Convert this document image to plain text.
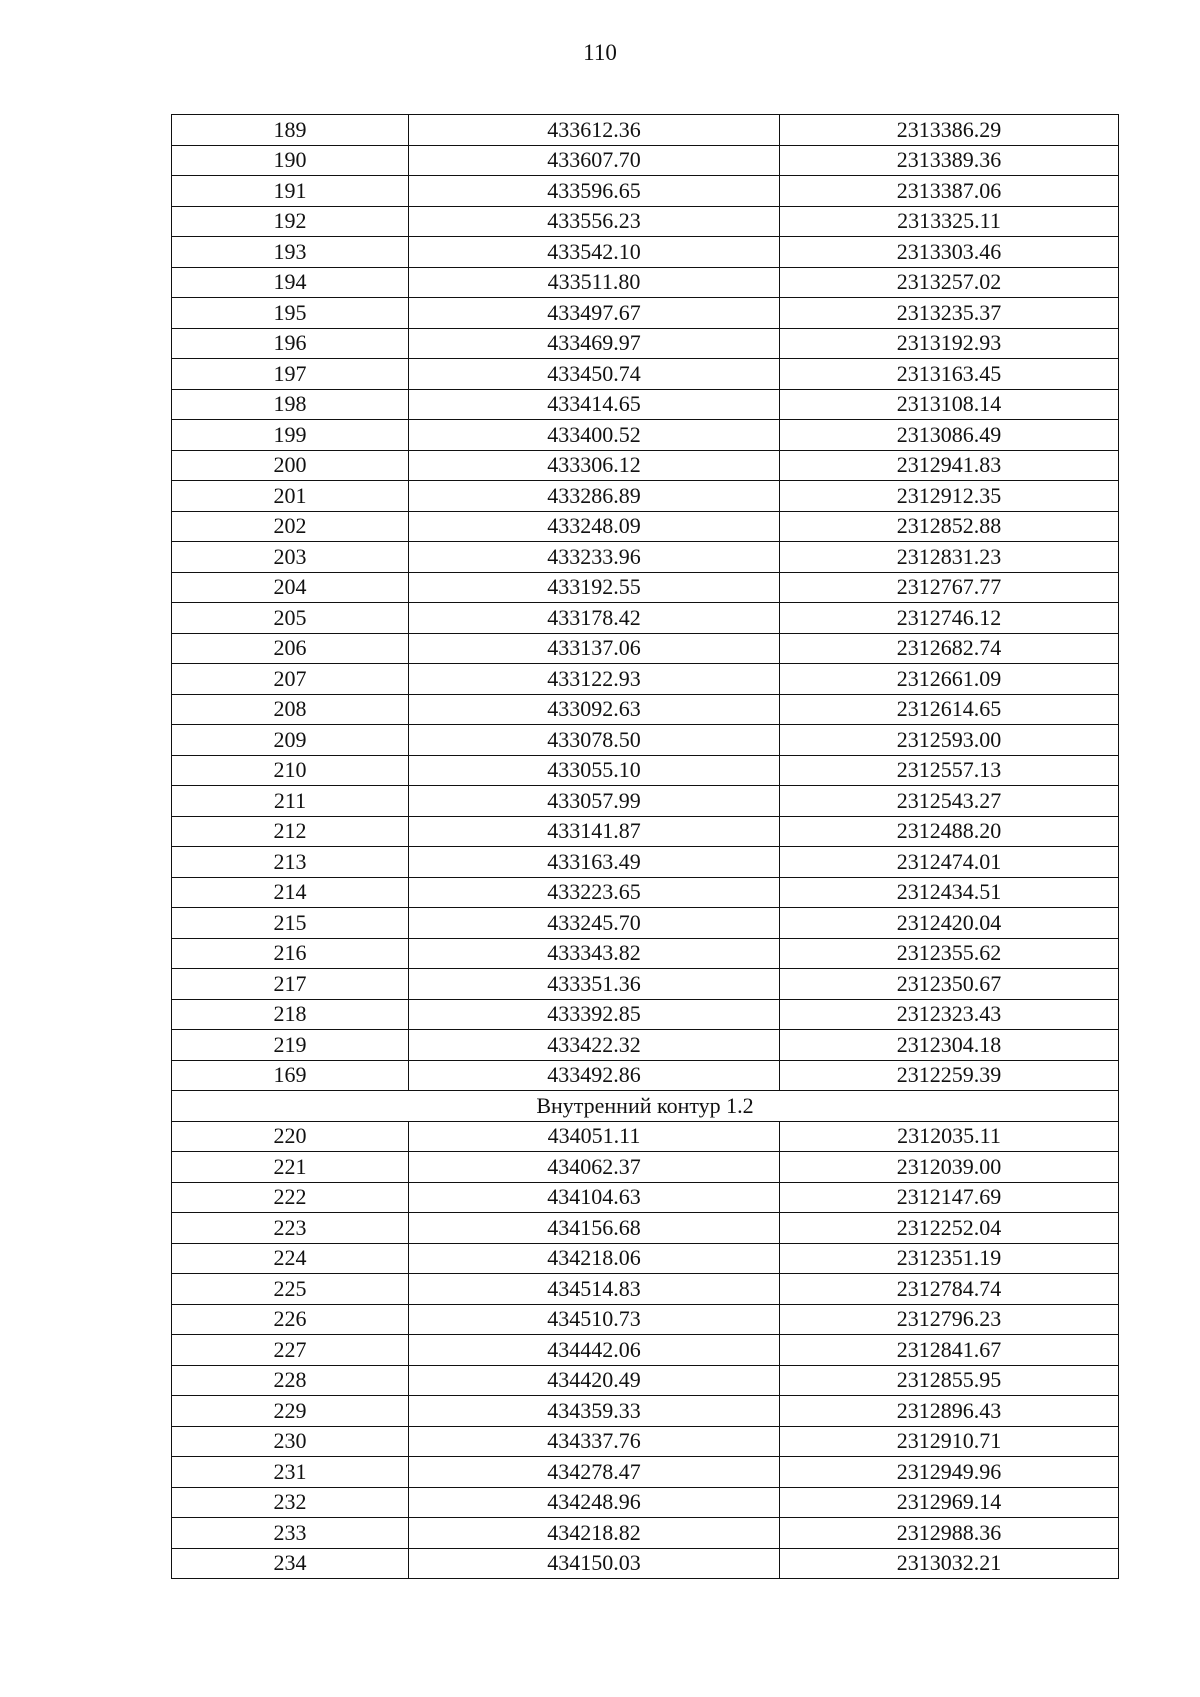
110
189	433612.36	2313386.29
190	433607.70	2313389.36
191	433596.65	2313387.06
192	433556.23	2313325.11
193	433542.10	2313303.46
194	433511.80	2313257.02
195	433497.67	2313235.37
196	433469.97	2313192.93
197	433450.74	2313163.45
198	433414.65	2313108.14
199	433400.52	2313086.49
200	433306.12	2312941.83
201	433286.89	2312912.35
202	433248.09	2312852.88
203	433233.96	2312831.23
204	433192.55	2312767.77
205	433178.42	2312746.12
206	433137.06	2312682.74
207	433122.93	2312661.09
208	433092.63	2312614.65
209	433078.50	2312593.00
210	433055.10	2312557.13
211	433057.99	2312543.27
212	433141.87	2312488.20
213	433163.49	2312474.01
214	433223.65	2312434.51
215	433245.70	2312420.04
216	433343.82	2312355.62
217	433351.36	2312350.67
218	433392.85	2312323.43
219	433422.32	2312304.18
169	433492.86	2312259.39
Внутренний контур 1.2		
220	434051.11	2312035.11
221	434062.37	2312039.00
222	434104.63	2312147.69
223	434156.68	2312252.04
224	434218.06	2312351.19
225	434514.83	2312784.74
226	434510.73	2312796.23
227	434442.06	2312841.67
228	434420.49	2312855.95
229	434359.33	2312896.43
230	434337.76	2312910.71
231	434278.47	2312949.96
232	434248.96	2312969.14
233	434218.82	2312988.36
234	434150.03	2313032.21
